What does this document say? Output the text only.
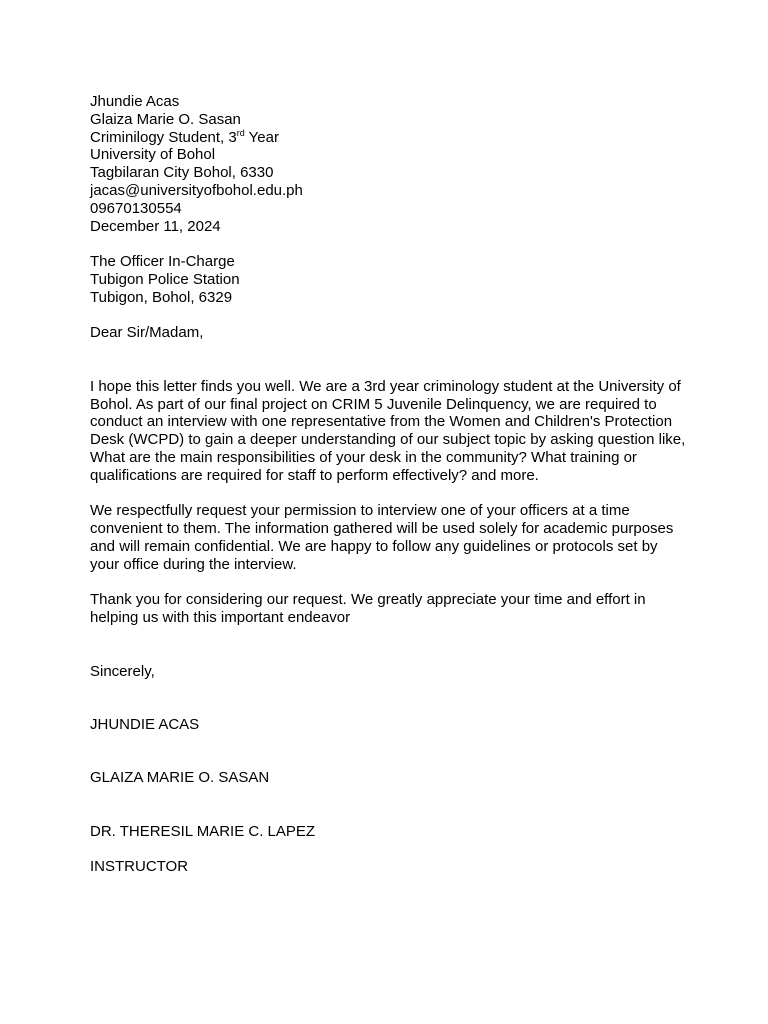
Jhundie Acas
Glaiza Marie O. Sasan
Criminilogy Student, 3rd Year
University of Bohol
Tagbilaran City Bohol, 6330
jacas@universityofbohol.edu.ph
09670130554
December 11, 2024
The Officer In-Charge
Tubigon Police Station
Tubigon, Bohol, 6329

Dear Sir/Madam,

I hope this letter finds you well. We are a 3rd year criminology student at the University of Bohol. As part of our final project on CRIM 5 Juvenile Delinquency, we are required to conduct an interview with one representative from the Women and Children's Protection Desk (WCPD) to gain a deeper understanding of our subject topic by asking question like, What are the main responsibilities of your desk in the community? What training or qualifications are required for staff to perform effectively? and more.

We respectfully request your permission to interview one of your officers at a time convenient to them. The information gathered will be used solely for academic purposes and will remain confidential. We are happy to follow any guidelines or protocols set by your office during the interview.

Thank you for considering our request. We greatly appreciate your time and effort in helping us with this important endeavor

Sincerely,

JHUNDIE ACAS

GLAIZA MARIE O. SASAN

DR. THERESIL MARIE C. LAPEZ

INSTRUCTOR
